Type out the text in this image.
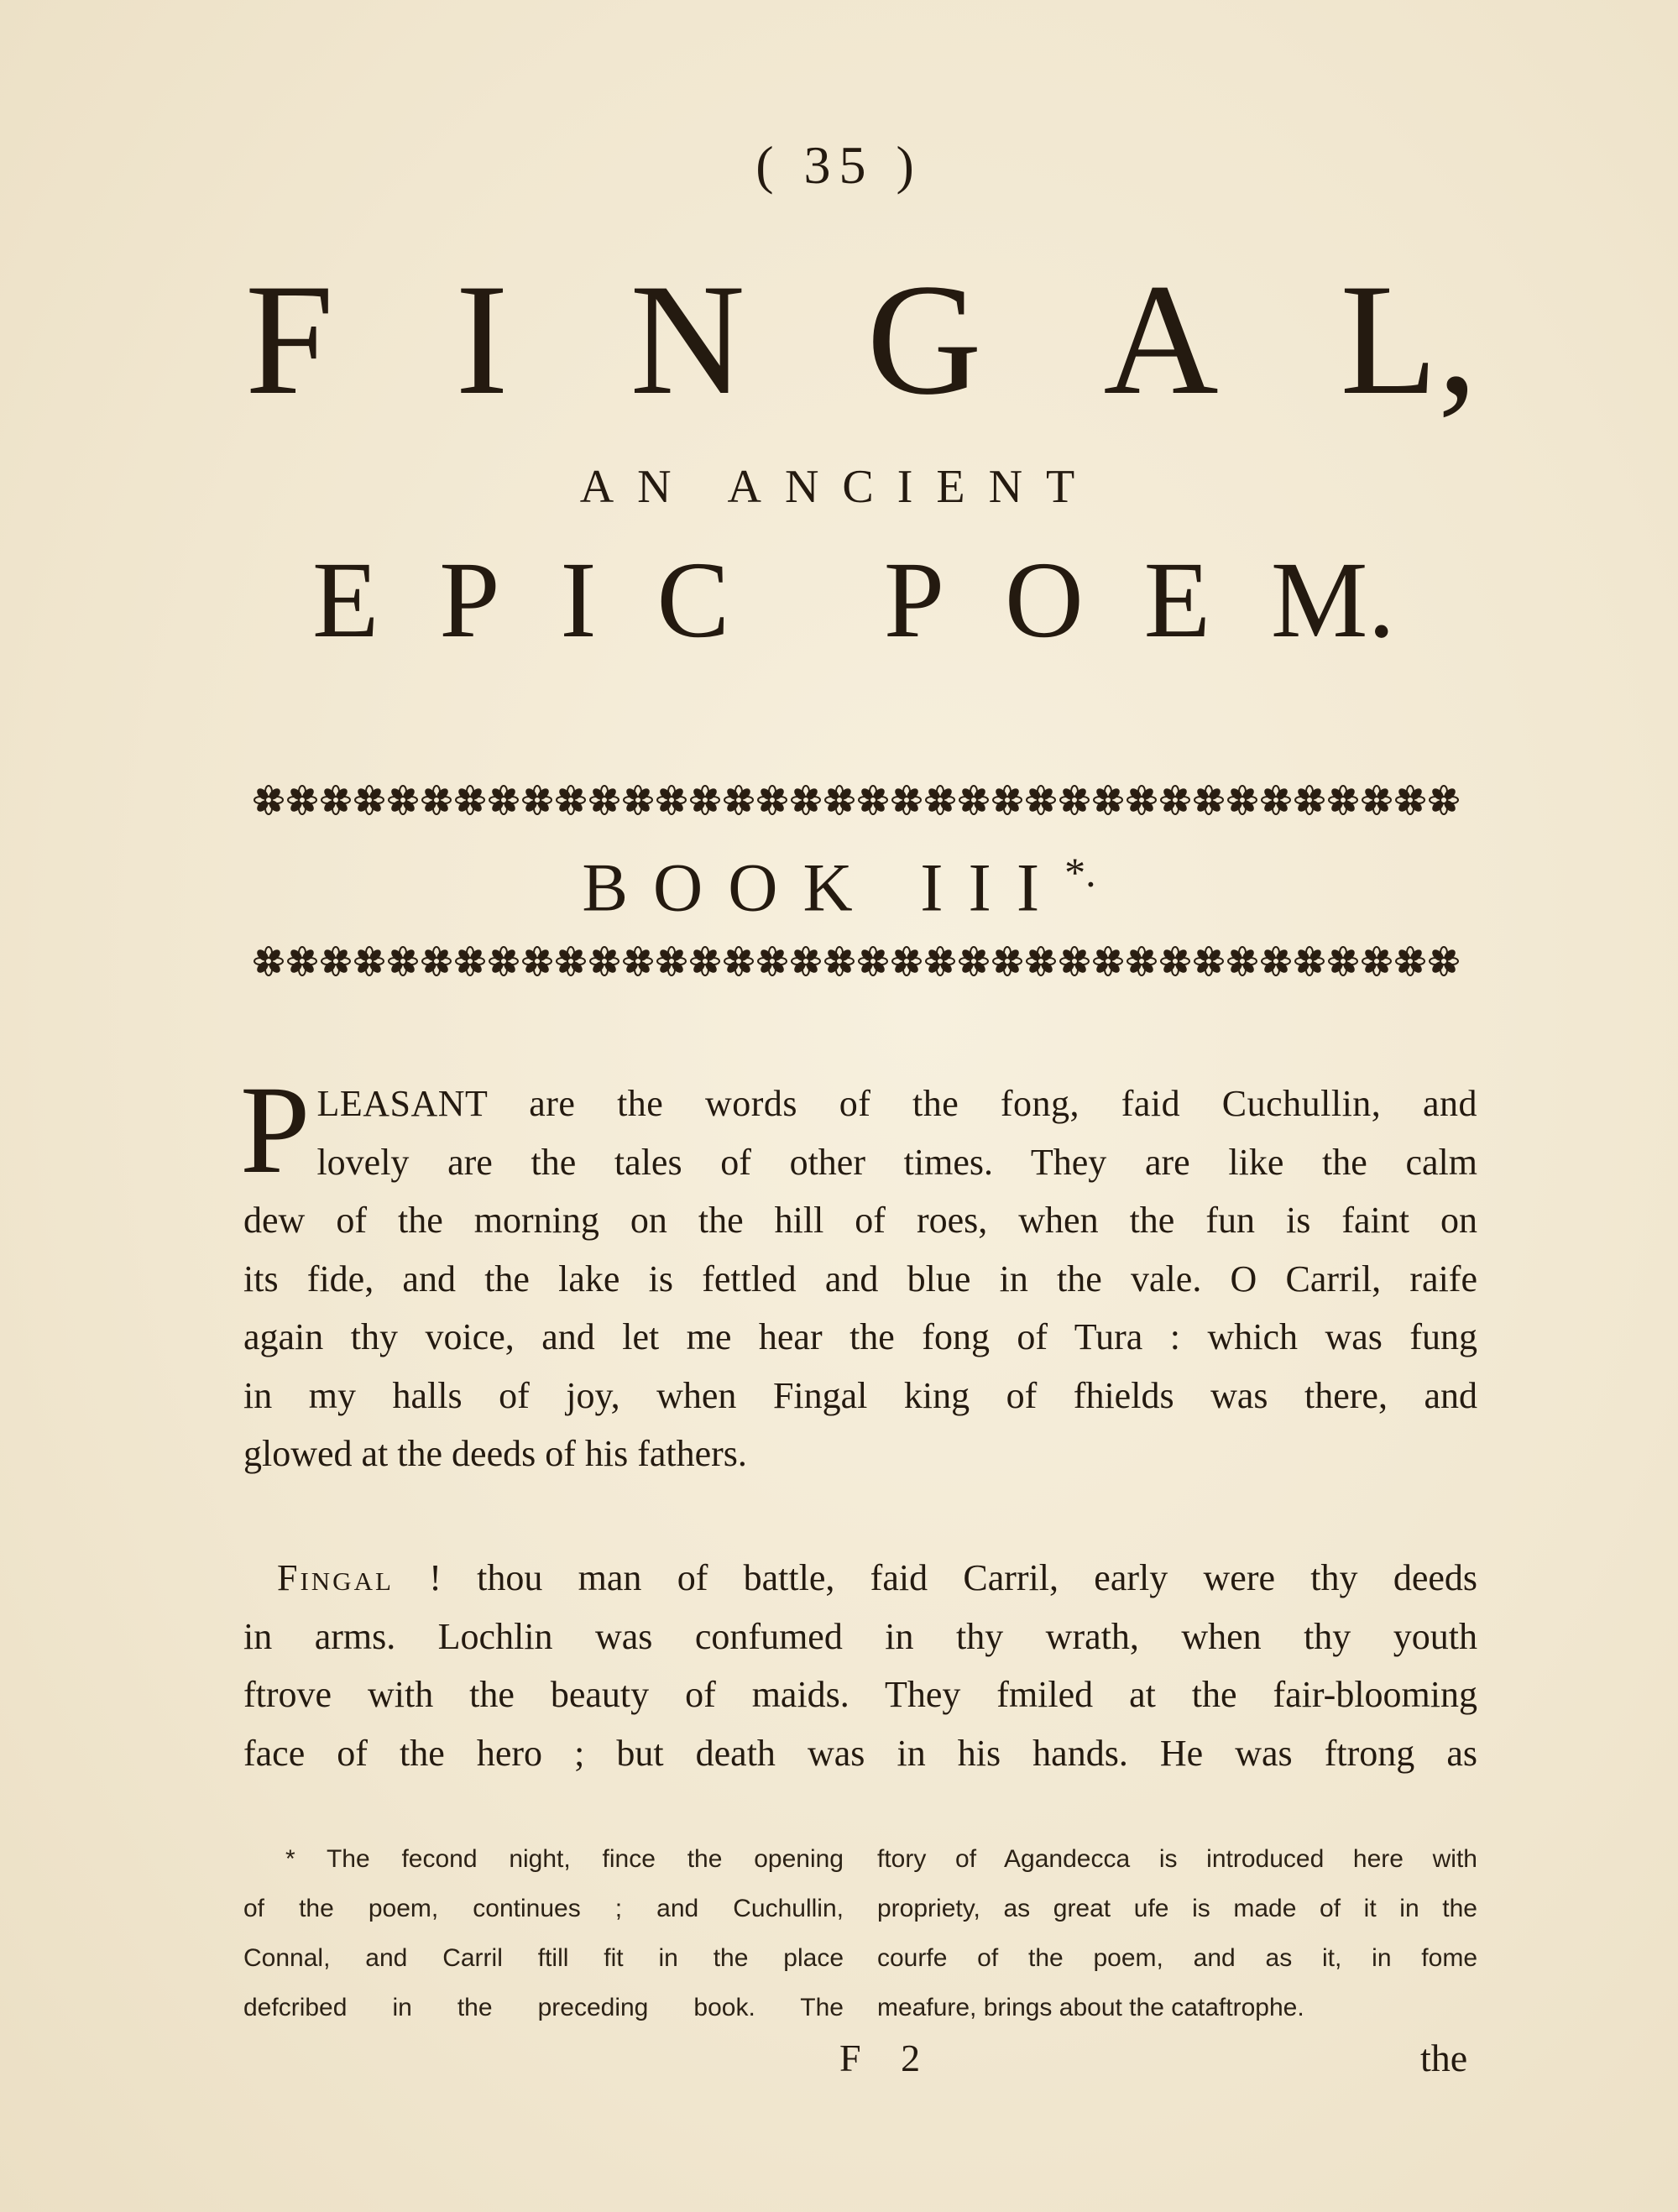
( 35 )
F I N G A L,
AN ANCIENT
E P I C P O E M.
BOOK III*.
P LEASANT are the words of the fong, faid Cuchullin, and
lovely are the tales of other times. They are like the calm
dew of the morning on the hill of roes, when the fun is faint on
its fide, and the lake is fettled and blue in the vale. O Carril, raife
again thy voice, and let me hear the fong of Tura : which was fung
in my halls of joy, when Fingal king of fhields was there, and
glowed at the deeds of his fathers.
Fingal ! thou man of battle, faid Carril, early were thy deeds
in arms. Lochlin was confumed in thy wrath, when thy youth
ftrove with the beauty of maids. They fmiled at the fair-blooming
face of the hero ; but death was in his hands. He was ftrong as
* The fecond night, fince the opening
of the poem, continues ; and Cuchullin,
Connal, and Carril ftill fit in the place
defcribed in the preceding book. The
ftory of Agandecca is introduced here with
propriety, as great ufe is made of it in the
courfe of the poem, and as it, in fome
meafure, brings about the cataftrophe.
F 2	the
